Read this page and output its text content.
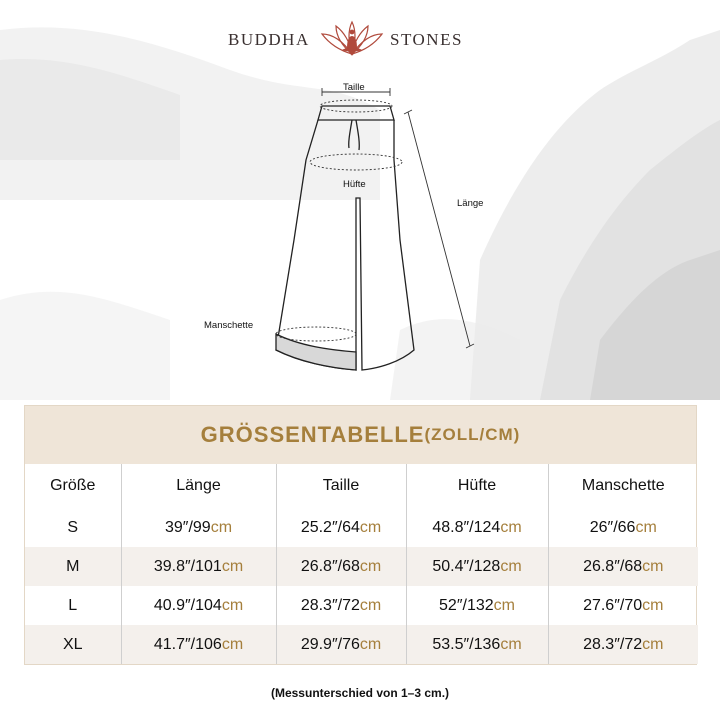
BUDDHA	STONES
Taille
Hüfte
Länge
Manschette
GRÖSSENTABELLE (ZOLL/CM)
Größe	Länge	Taille	Hüfte	Manschette
S	39″/99cm	25.2″/64cm	48.8″/124cm	26″/66cm
M	39.8″/101cm	26.8″/68cm	50.4″/128cm	26.8″/68cm
L	40.9″/104cm	28.3″/72cm	52″/132cm	27.6″/70cm
XL	41.7″/106cm	29.9″/76cm	53.5″/136cm	28.3″/72cm
(Messunterschied von 1–3 cm.)
